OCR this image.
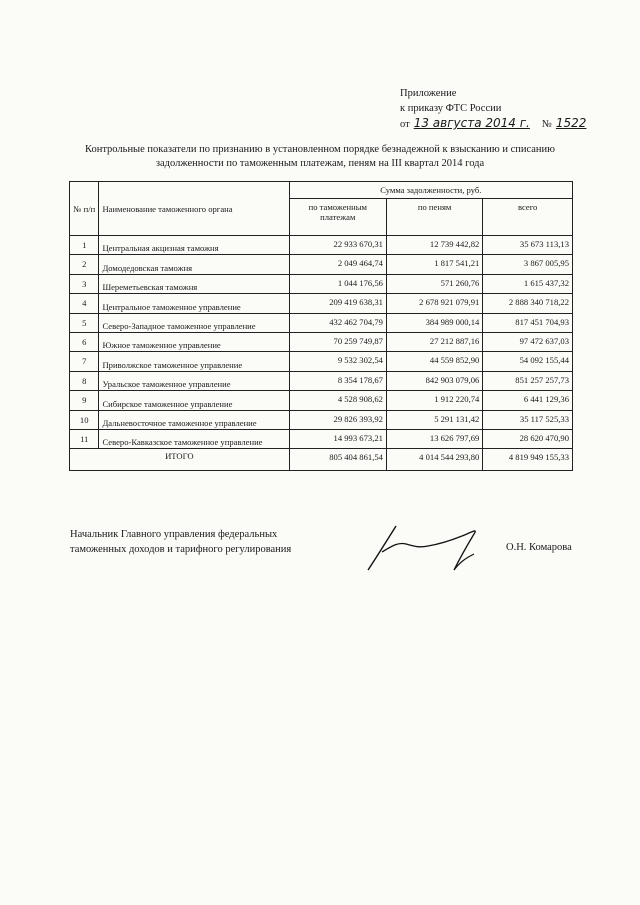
Приложение
к приказу ФТС России
от 13 августа 2014 г. № 1522
Контрольные показатели по признанию в установленном порядке безнадежной к взысканию и списанию
задолженности по таможенным платежам, пеням на III квартал 2014 года
№ п/п	Наименование таможенного органа	Сумма задолженности, руб.		
		по таможенным платежам	по пеням	всего
1	Центральная акцизная таможня	22 933 670,31	12 739 442,82	35 673 113,13
2	Домодедовская таможня	2 049 464,74	1 817 541,21	3 867 005,95
3	Шереметьевская таможня	1 044 176,56	571 260,76	1 615 437,32
4	Центральное таможенное управление	209 419 638,31	2 678 921 079,91	2 888 340 718,22
5	Северо-Западное таможенное управление	432 462 704,79	384 989 000,14	817 451 704,93
6	Южное таможенное управление	70 259 749,87	27 212 887,16	97 472 637,03
7	Приволжское таможенное управление	9 532 302,54	44 559 852,90	54 092 155,44
8	Уральское таможенное управление	8 354 178,67	842 903 079,06	851 257 257,73
9	Сибирское таможенное управление	4 528 908,62	1 912 220,74	6 441 129,36
10	Дальневосточное таможенное управление	29 826 393,92	5 291 131,42	35 117 525,33
11	Северо-Кавказское таможенное управление	14 993 673,21	13 626 797,69	28 620 470,90
ИТОГО		805 404 861,54	4 014 544 293,80	4 819 949 155,33
Начальник Главного управления федеральных
таможенных доходов и тарифного регулирования	О.Н. Комарова
